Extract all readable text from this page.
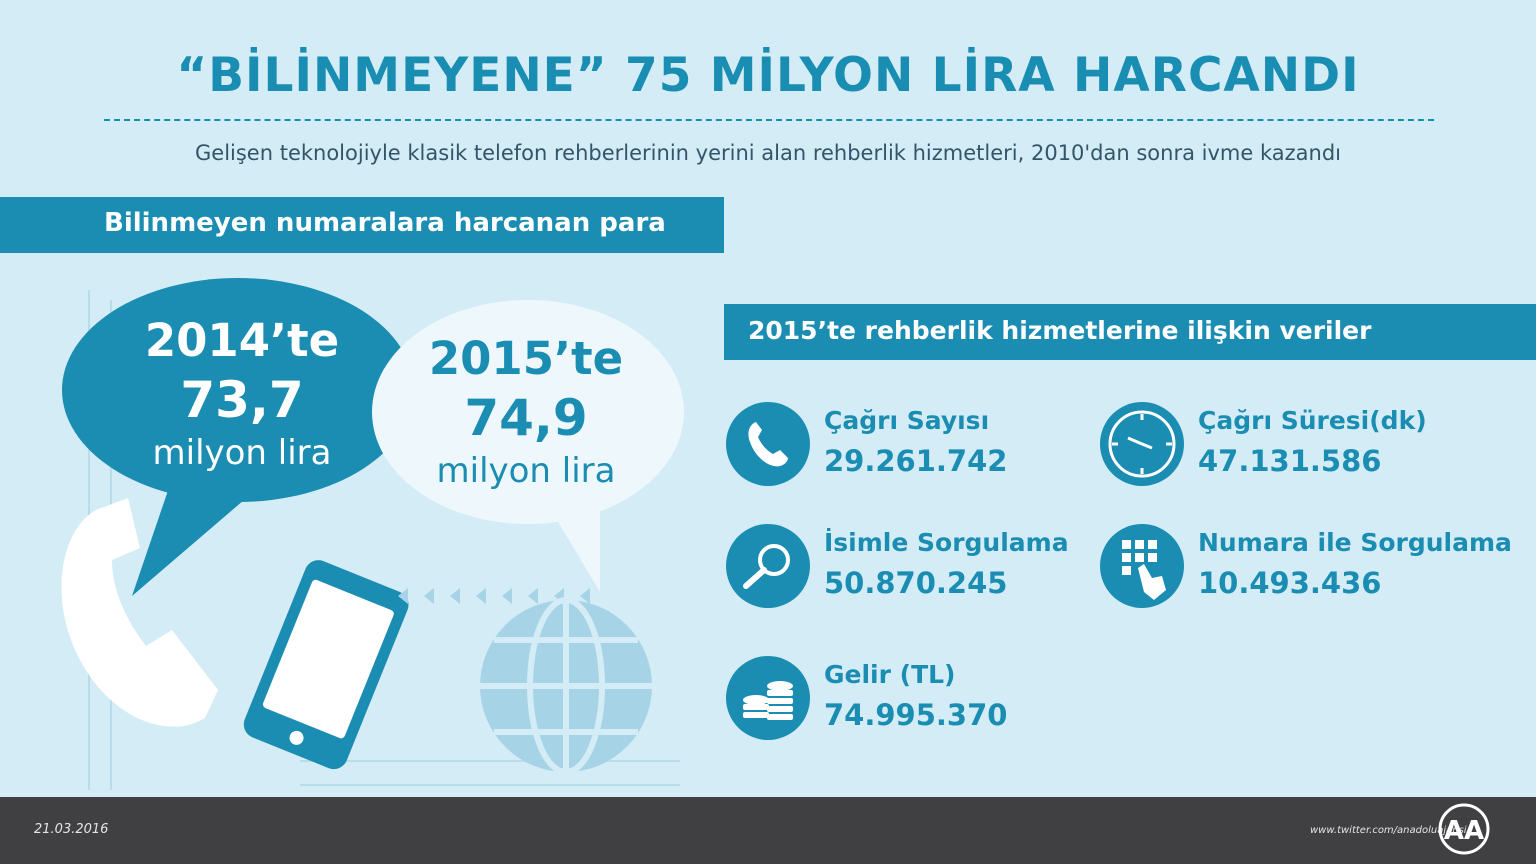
“BİLİNMEYENE” 75 MİLYON LİRA HARCANDI
Gelişen teknolojiyle klasik telefon rehberlerinin yerini alan rehberlik hizmetleri, 2010'dan sonra ivme kazandı
Bilinmeyen numaralara harcanan para
2014’te
73,7
milyon lira
2015’te
74,9
milyon lira
2015’te rehberlik hizmetlerine ilişkin veriler
Çağrı Sayısı
29.261.742
Çağrı Süresi(dk)
47.131.586
İsimle Sorgulama
50.870.245
Numara ile Sorgulama
10.493.436
Gelir (TL)
74.995.370
21.03.2016	www.twitter.com/anadoluajansi
AA
